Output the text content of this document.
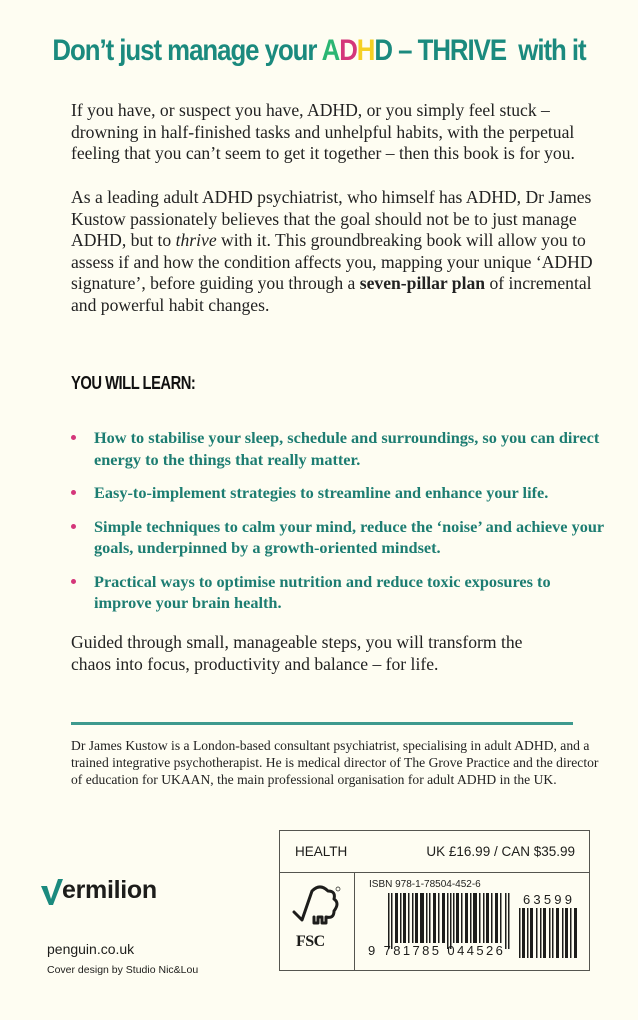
Don’t just manage your ADHD – THRIVE  with it

If you have, or suspect you have, ADHD, or you simply feel stuck – drowning in half-finished tasks and unhelpful habits, with the perpetual feeling that you can’t seem to get it together – then this book is for you.

As a leading adult ADHD psychiatrist, who himself has ADHD, Dr James Kustow passionately believes that the goal should not be to just manage ADHD, but to thrive with it. This groundbreaking book will allow you to assess if and how the condition affects you, mapping your unique ‘ADHD signature’, before guiding you through a seven-pillar plan of incremental and powerful habit changes.

YOU WILL LEARN:
How to stabilise your sleep, schedule and surroundings, so you can direct energy to the things that really matter.
Easy-to-implement strategies to streamline and enhance your life.
Simple techniques to calm your mind, reduce the ‘noise’ and achieve your goals, underpinned by a growth-oriented mindset.
Practical ways to optimise nutrition and reduce toxic exposures to improve your brain health.

Guided through small, manageable steps, you will transform the chaos into focus, productivity and balance – for life.

Dr James Kustow is a London-based consultant psychiatrist, specialising in adult ADHD, and a trained integrative psychotherapist. He is medical director of The Grove Practice and the director of education for UKAAN, the main professional organisation for adult ADHD in the UK.

ermilion
penguin.co.uk
Cover design by Studio Nic&Lou
HEALTH	UK £16.99 / CAN $35.99
FSC
ISBN 978-1-78504-452-6
9 781785 044526
63599
